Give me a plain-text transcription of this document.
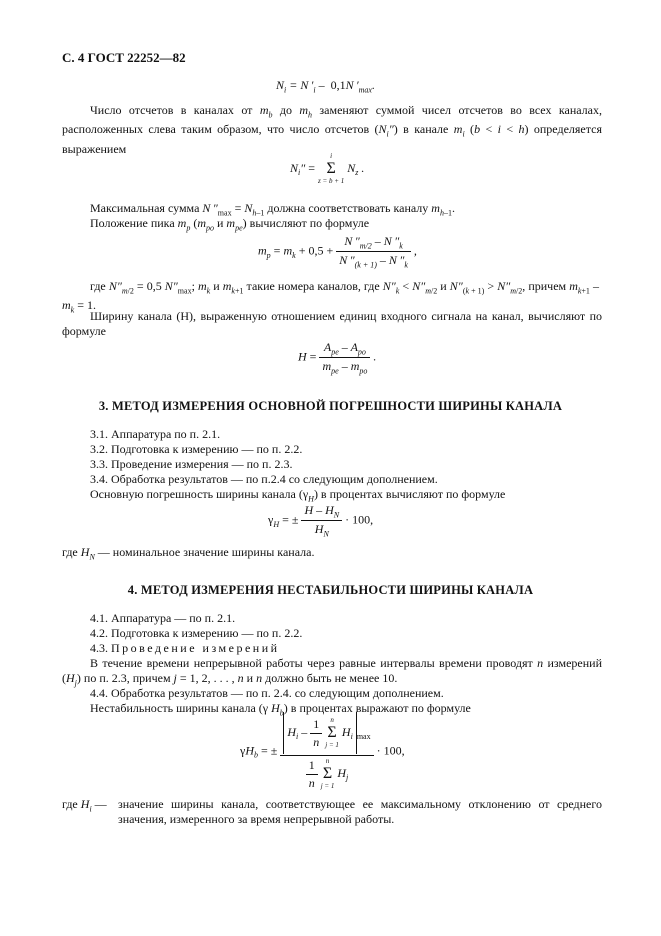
С. 4 ГОСТ 22252—82
$N_i = N$ $'_i - 0,1N$ $'_{max}$.
Число отсчетов в каналах от $m_b$ до $m_h$ заменяют суммой чисел отсчетов во всех каналах, расположенных слева таким образом, что число отсчетов $(N_i'')$ в канале $m_i$ (b < i < h) определяется выражением
$N_i''$ =
i
Σ
z = b + 1
$N_z$ .
Максимальная сумма N $''_{max} = N_{h-1}$ должна соответствовать каналу $m_{h-1}$.
Положение пика $m_p$ ($m_{po}$ и $m_{pe}$) вычисляют по формуле
$m_p = m_k + 0,5 + \frac{N ''_{m/2} - N ''_k}{N ''_{(k + 1)} - N ''_k}$ ,
где $N''_{m/2} = 0,5$ $N''_{max}$; $m_k$ и $m_{k+1}$ такие номера каналов, где $N''_k < N''_{m/2}$ и $N''_{(k + 1)} > N''_{m/2}$, причем $m_{k+1} - m_k = 1$.
Ширину канала (H), выраженную отношением единиц входного сигнала на канал, вычисляют по формуле
$H = \frac{A_{pe} - A_{po}}{m_{pe} - m_{po}}$ .
3. МЕТОД ИЗМЕРЕНИЯ ОСНОВНОЙ ПОГРЕШНОСТИ ШИРИНЫ КАНАЛА
3.1. Аппаратура по п. 2.1.
3.2. Подготовка к измерению — по п. 2.2.
3.3. Проведение измерения — по п. 2.3.
3.4. Обработка результатов — по п.2.4 со следующим дополнением.
Основную погрешность ширины канала $(\gamma_H)$ в процентах вычисляют по формуле
$\gamma_H$ = ± $\frac{H - H_N}{H_N} \cdot 100$,
где $H_N$ — номинальное значение ширины канала.
4. МЕТОД ИЗМЕРЕНИЯ НЕСТАБИЛЬНОСТИ ШИРИНЫ КАНАЛА
4.1. Аппаратура — по п. 2.1.
4.2. Подготовка к измерению — по п. 2.2.
4.3. Проведение измерений
В течение времени непрерывной работы через равные интервалы времени проводят n измерений $(H_j)$ по п. 2.3, причем j = 1, 2, . . . , n и n должно быть не менее 10.
4.4. Обработка результатов — по п. 2.4. со следующим дополнением.
Нестабильность ширины канала (γ $H_b$) в процентах выражают по формуле
$\gamma H_b$ = ± $H_i - \frac{1}{n}$
	n
Σ
j = 1
$H_i$ $_{max}$
$\frac{1}{n}$
	n
Σ
j = 1
$H_j \cdot 100$,
где $H_i$ — значение ширины канала, соответствующее ее максимальному отклонению от среднего значения, измеренного за время непрерывной работы.
